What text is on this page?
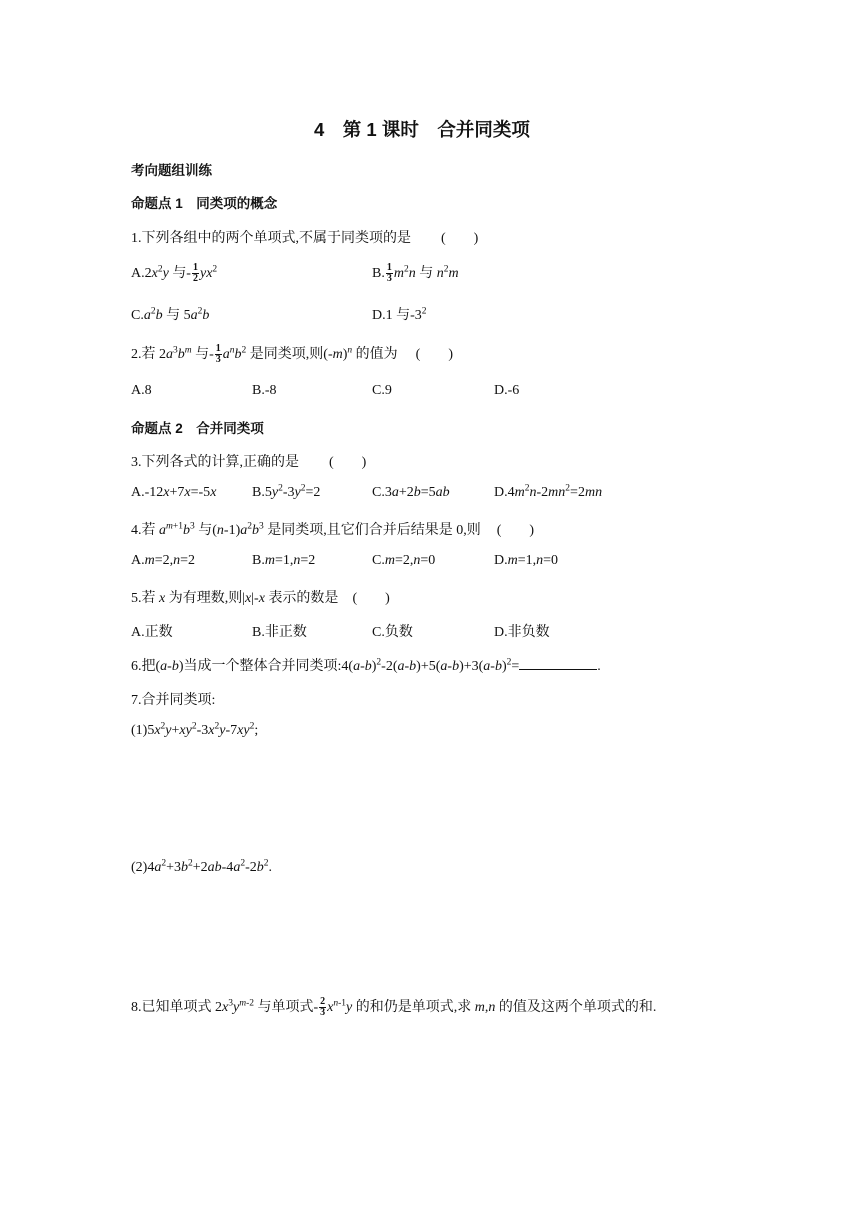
4　第 1 课时　合并同类项
考向题组训练
命题点 1　同类项的概念
1.下列各组中的两个单项式,不属于同类项的是 (　　)
$A.2x^2y$ 与- $\frac{1}{2} yx^2$	B. $\frac{1}{3} m^2n$ 与 $n^2m$
$C.a^2b$ 与 $5a^2b$	D.1 与$-3^2$
2.若 $2a^3b^m$ 与- $\frac{1}{3} a^nb^2$ 是同类项,则$(-m)^n$ 的值为 (　　)
A.8	B.-8	C.9	D.-6
命题点 2　合并同类项
3.下列各式的计算,正确的是 (　　)
A.-12x+7x=-5x	$B.5y^2-3y^2=2$	C.3a+2b=5ab	$D.4m^2n-2mn^2=2mn$
4.若 $a^{m+1}b^3$ 与$(n-1)a^2b^3$ 是同类项,且它们合并后结果是 0,则 (　　)
A.m=2,n=2	B.m=1,n=2	C.m=2,n=0	D.m=1,n=0
5.若 x 为有理数,则|x|-x 表示的数是 (　　)
A.正数	B.非正数	C.负数	D.非负数
6.把(a-b)当成一个整体合并同类项$:4(a-b)^2-2(a-b)+5(a-b)+3(a-b)^2=$	.
7.合并同类项:
$(1)5x^2y+xy^2-3x^2y-7xy^2$;
$(2)4a^2+3b^2+2ab-4a^2-2b^2$.
8.已知单项式 $2x^3y^{m-2}$ 与单项式- $\frac{2}{3} x^{n-1}y$ 的和仍是单项式,求 m,n 的值及这两个单项式的和.
